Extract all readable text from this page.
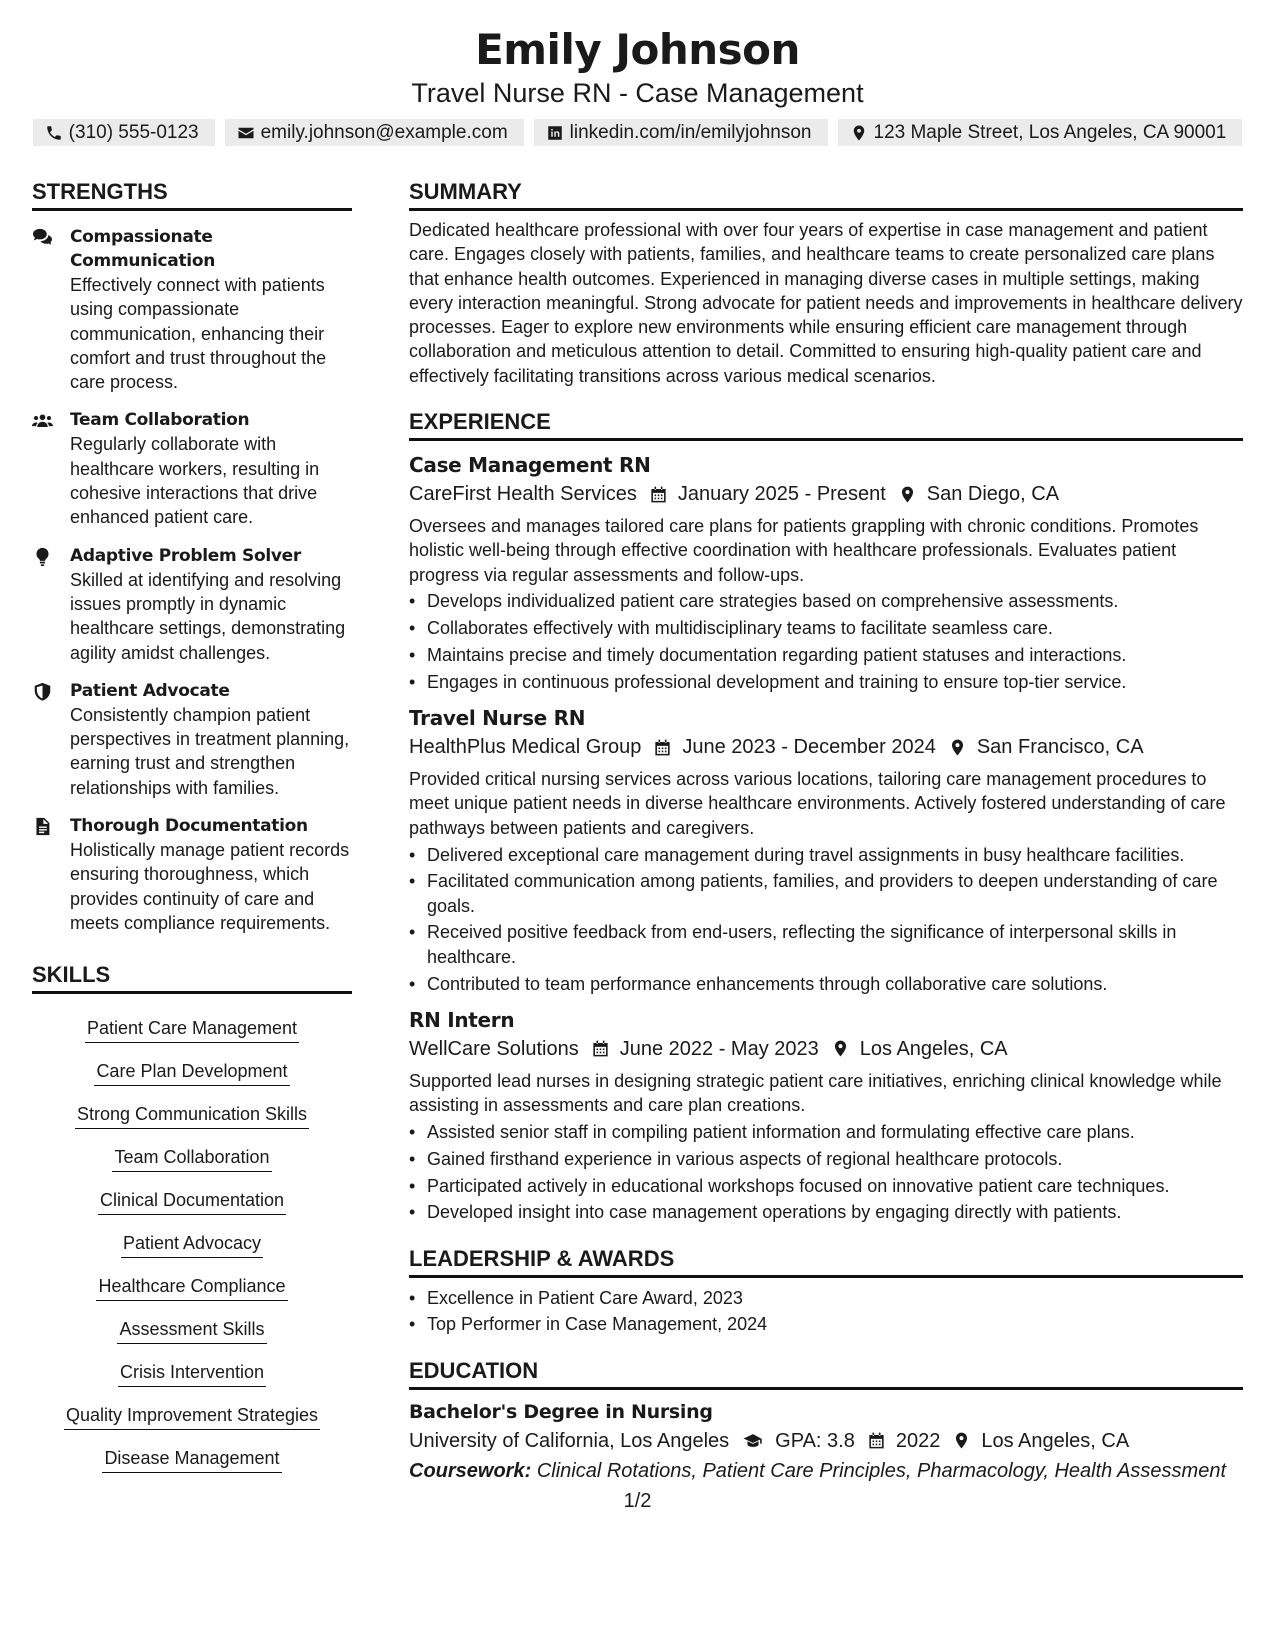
Emily Johnson
Travel Nurse RN - Case Management
(310) 555-0123	emily.johnson@example.com	linkedin.com/in/emilyjohnson	123 Maple Street, Los Angeles, CA 90001
STRENGTHS
Compassionate Communication
Effectively connect with patients using compassionate communication, enhancing their comfort and trust throughout the care process.
Team Collaboration
Regularly collaborate with healthcare workers, resulting in cohesive interactions that drive enhanced patient care.
Adaptive Problem Solver
Skilled at identifying and resolving issues promptly in dynamic healthcare settings, demonstrating agility amidst challenges.
Patient Advocate
Consistently champion patient perspectives in treatment planning, earning trust and strengthen relationships with families.
Thorough Documentation
Holistically manage patient records ensuring thoroughness, which provides continuity of care and meets compliance requirements.
SKILLS
Patient Care Management
Care Plan Development
Strong Communication Skills
Team Collaboration
Clinical Documentation
Patient Advocacy
Healthcare Compliance
Assessment Skills
Crisis Intervention
Quality Improvement Strategies
Disease Management
SUMMARY
Dedicated healthcare professional with over four years of expertise in case management and patient care. Engages closely with patients, families, and healthcare teams to create personalized care plans that enhance health outcomes. Experienced in managing diverse cases in multiple settings, making every interaction meaningful. Strong advocate for patient needs and improvements in healthcare delivery processes. Eager to explore new environments while ensuring efficient care management through collaboration and meticulous attention to detail. Committed to ensuring high-quality patient care and effectively facilitating transitions across various medical scenarios.
EXPERIENCE
Case Management RN
CareFirst Health Services January 2025 - Present San Diego, CA
Oversees and manages tailored care plans for patients grappling with chronic conditions. Promotes holistic well-being through effective coordination with healthcare professionals. Evaluates patient progress via regular assessments and follow-ups.
• Develops individualized patient care strategies based on comprehensive assessments.
• Collaborates effectively with multidisciplinary teams to facilitate seamless care.
• Maintains precise and timely documentation regarding patient statuses and interactions.
• Engages in continuous professional development and training to ensure top-tier service.
Travel Nurse RN
HealthPlus Medical Group June 2023 - December 2024 San Francisco, CA
Provided critical nursing services across various locations, tailoring care management procedures to meet unique patient needs in diverse healthcare environments. Actively fostered understanding of care pathways between patients and caregivers.
• Delivered exceptional care management during travel assignments in busy healthcare facilities.
• Facilitated communication among patients, families, and providers to deepen understanding of care goals.
• Received positive feedback from end-users, reflecting the significance of interpersonal skills in healthcare.
• Contributed to team performance enhancements through collaborative care solutions.
RN Intern
WellCare Solutions June 2022 - May 2023 Los Angeles, CA
Supported lead nurses in designing strategic patient care initiatives, enriching clinical knowledge while assisting in assessments and care plan creations.
• Assisted senior staff in compiling patient information and formulating effective care plans.
• Gained firsthand experience in various aspects of regional healthcare protocols.
• Participated actively in educational workshops focused on innovative patient care techniques.
• Developed insight into case management operations by engaging directly with patients.
LEADERSHIP & AWARDS
• Excellence in Patient Care Award, 2023
• Top Performer in Case Management, 2024
EDUCATION
Bachelor's Degree in Nursing
University of California, Los Angeles GPA: 3.8 2022 Los Angeles, CA
Coursework: Clinical Rotations, Patient Care Principles, Pharmacology, Health Assessment
1/2
